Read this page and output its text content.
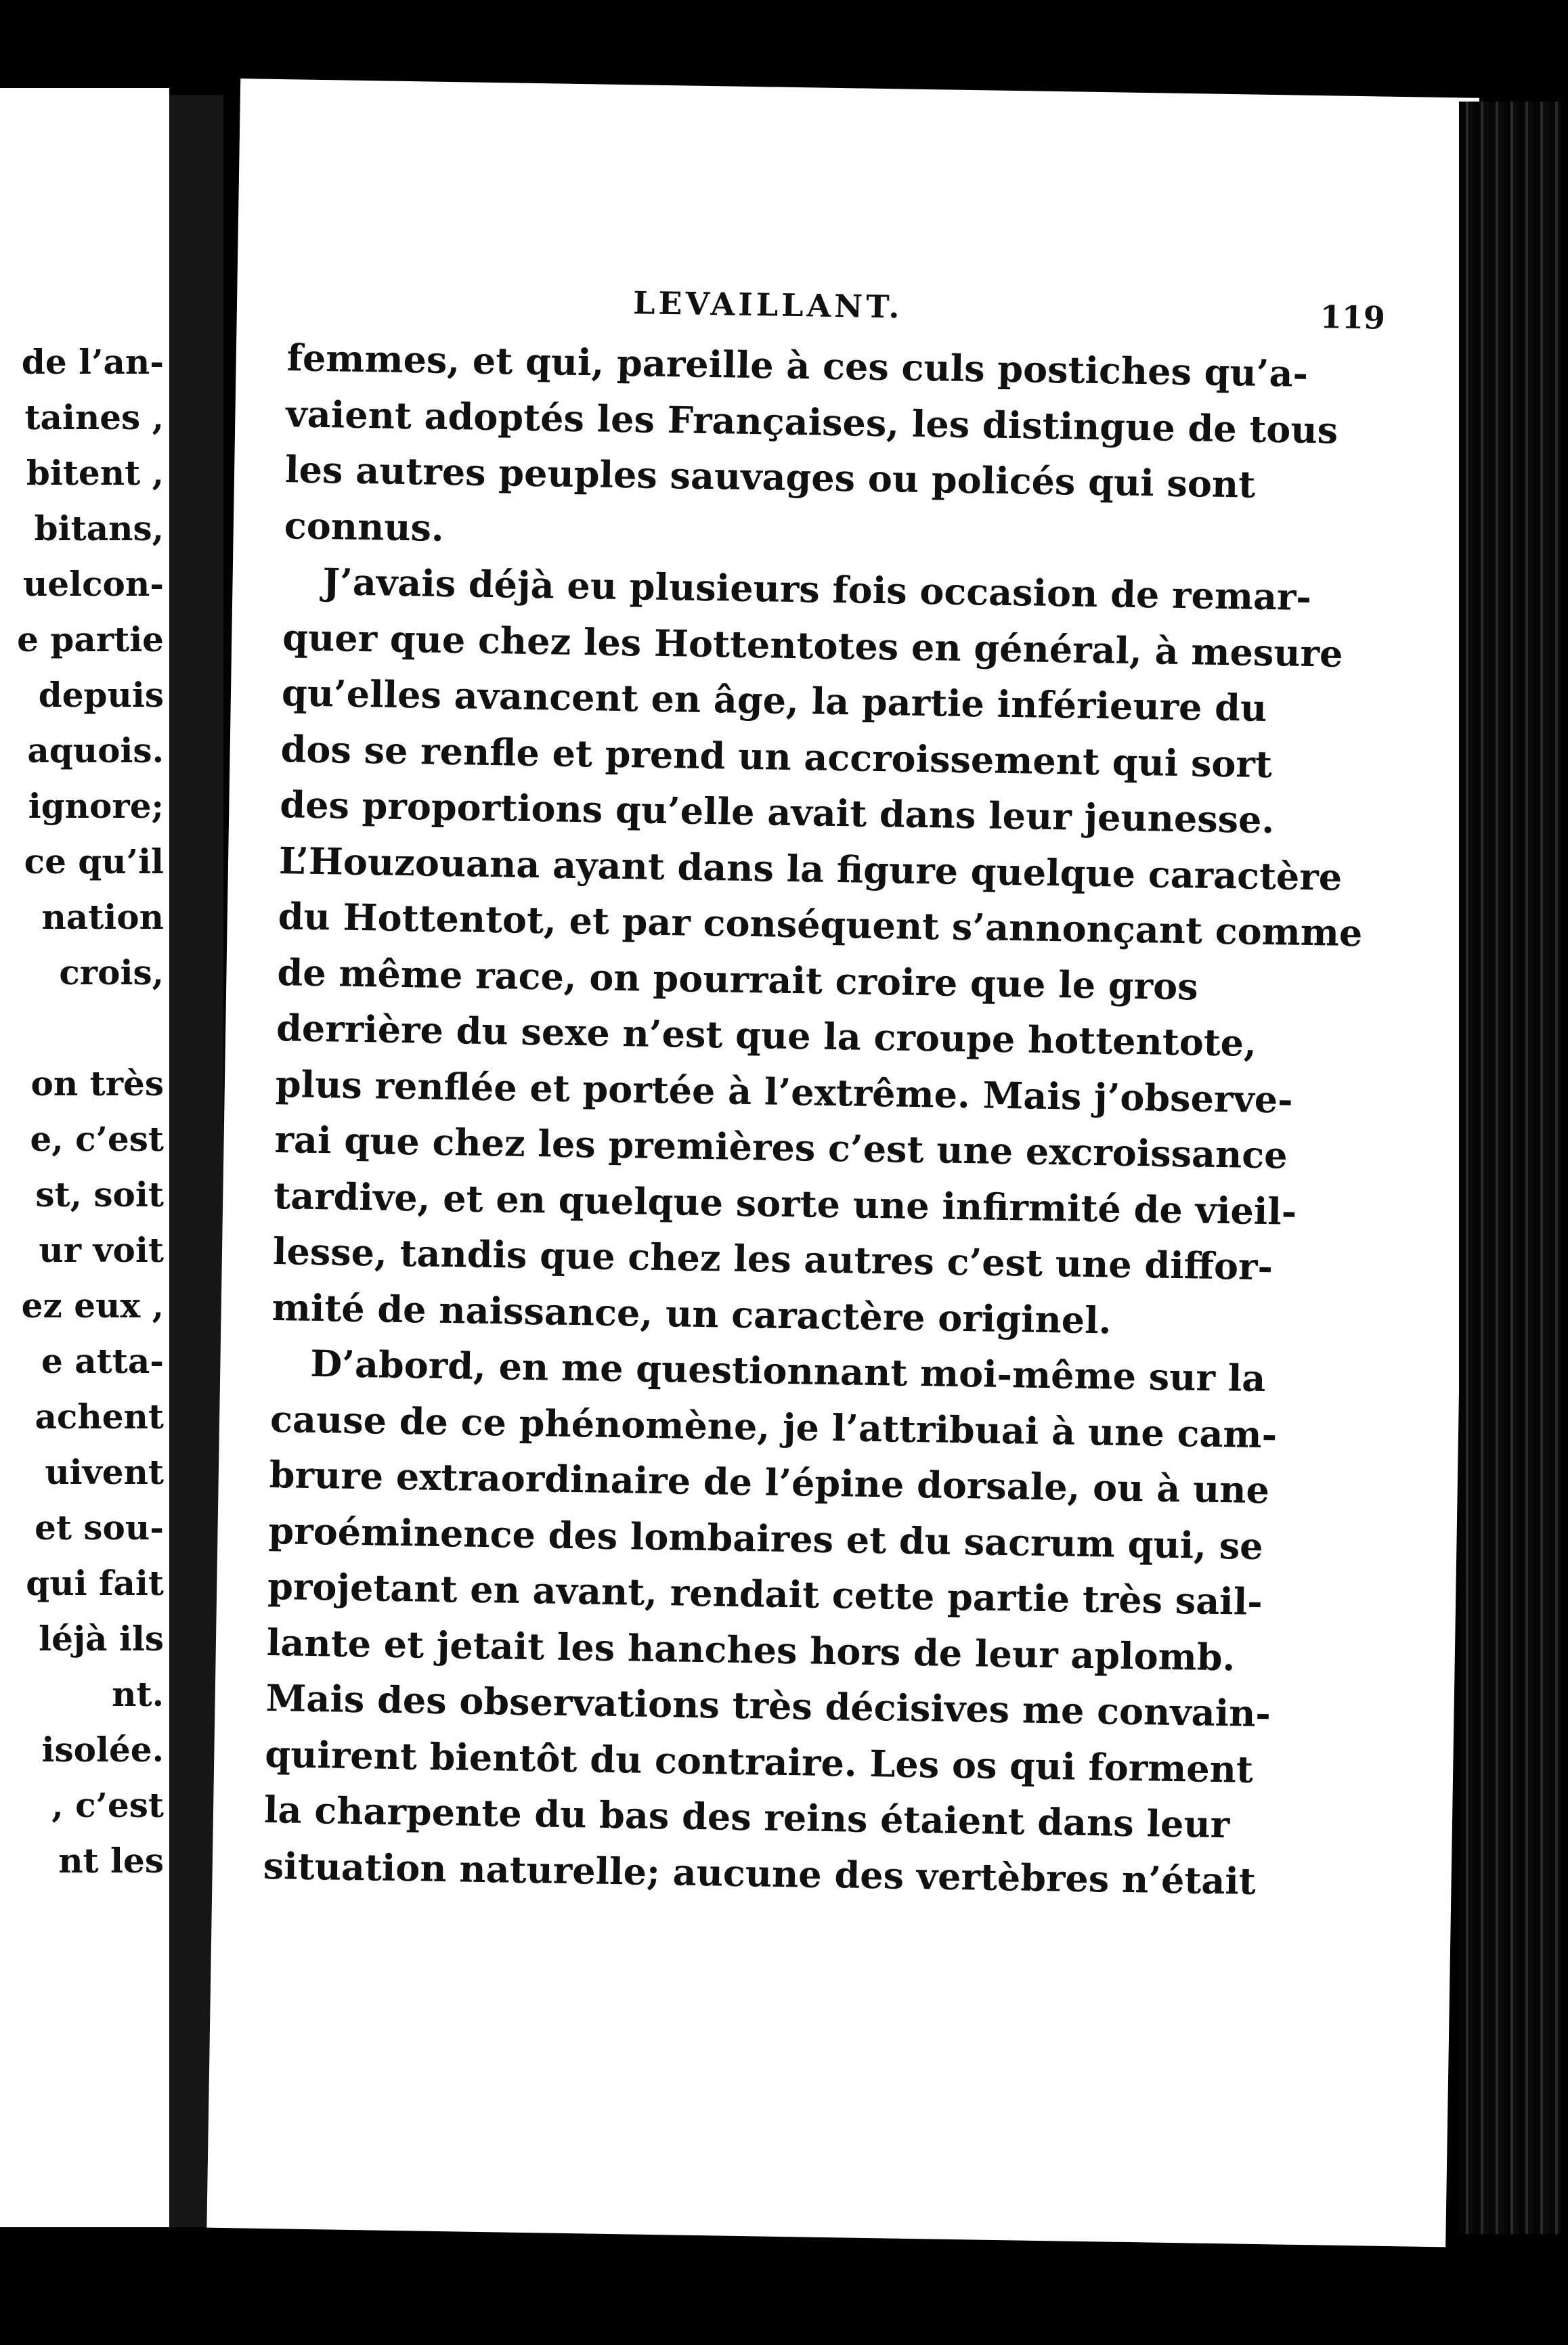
de l’an-
taines ,
bitent ,
bitans,
uelcon-
e partie
depuis
aquois.
ignore;
ce qu’il
nation
crois,
on très
e, c’est
st, soit
ur voit
ez eux ,
e atta-
achent
uivent
et sou-
qui fait
léjà ils
nt.
isolée.
, c’est
nt les
LEVAILLANT.	119
femmes, et qui, pareille à ces culs postiches qu’a-
vaient adoptés les Françaises, les distingue de tous
les autres peuples sauvages ou policés qui sont
connus.
J’avais déjà eu plusieurs fois occasion de remar-
quer que chez les Hottentotes en général, à mesure
qu’elles avancent en âge, la partie inférieure du
dos se renfle et prend un accroissement qui sort
des proportions qu’elle avait dans leur jeunesse.
L’Houzouana ayant dans la figure quelque caractère
du Hottentot, et par conséquent s’annonçant comme
de même race, on pourrait croire que le gros
derrière du sexe n’est que la croupe hottentote,
plus renflée et portée à l’extrême. Mais j’observe-
rai que chez les premières c’est une excroissance
tardive, et en quelque sorte une infirmité de vieil-
lesse, tandis que chez les autres c’est une diffor-
mité de naissance, un caractère originel.
D’abord, en me questionnant moi-même sur la
cause de ce phénomène, je l’attribuai à une cam-
brure extraordinaire de l’épine dorsale, ou à une
proéminence des lombaires et du sacrum qui, se
projetant en avant, rendait cette partie très sail-
lante et jetait les hanches hors de leur aplomb.
Mais des observations très décisives me convain-
quirent bientôt du contraire. Les os qui forment
la charpente du bas des reins étaient dans leur
situation naturelle; aucune des vertèbres n’était
